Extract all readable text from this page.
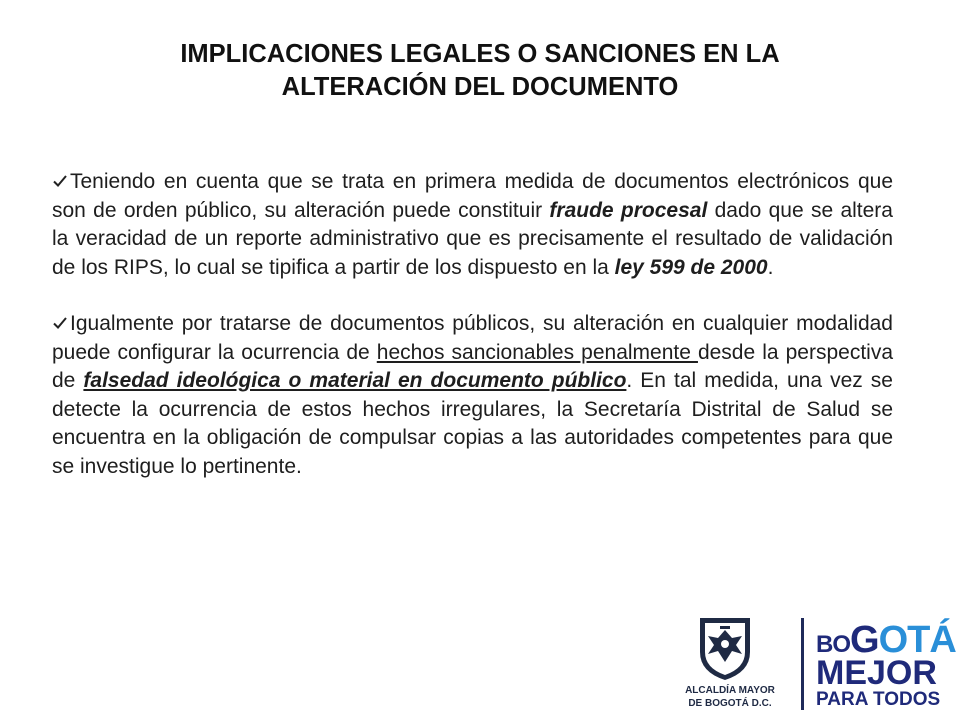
IMPLICACIONES LEGALES O SANCIONES EN LA
ALTERACIÓN DEL DOCUMENTO

Teniendo en cuenta que se trata en primera medida de documentos electrónicos que son de orden público, su alteración puede constituir fraude procesal dado que se altera la veracidad de un reporte administrativo que es precisamente el resultado de validación de los RIPS, lo cual se tipifica a partir de los dispuesto en la ley 599 de 2000.

Igualmente por tratarse de documentos públicos, su alteración en cualquier modalidad puede configurar la ocurrencia de hechos sancionables penalmente desde la perspectiva de falsedad ideológica o material en documento público. En tal medida, una vez se detecte la ocurrencia de estos hechos irregulares, la Secretaría Distrital de Salud se encuentra en la obligación de compulsar copias a las autoridades competentes para que se investigue lo pertinente.

ALCALDÍA MAYOR
DE BOGOTÁ D.C.
BOGOTÁ
MEJOR
PARA TODOS
